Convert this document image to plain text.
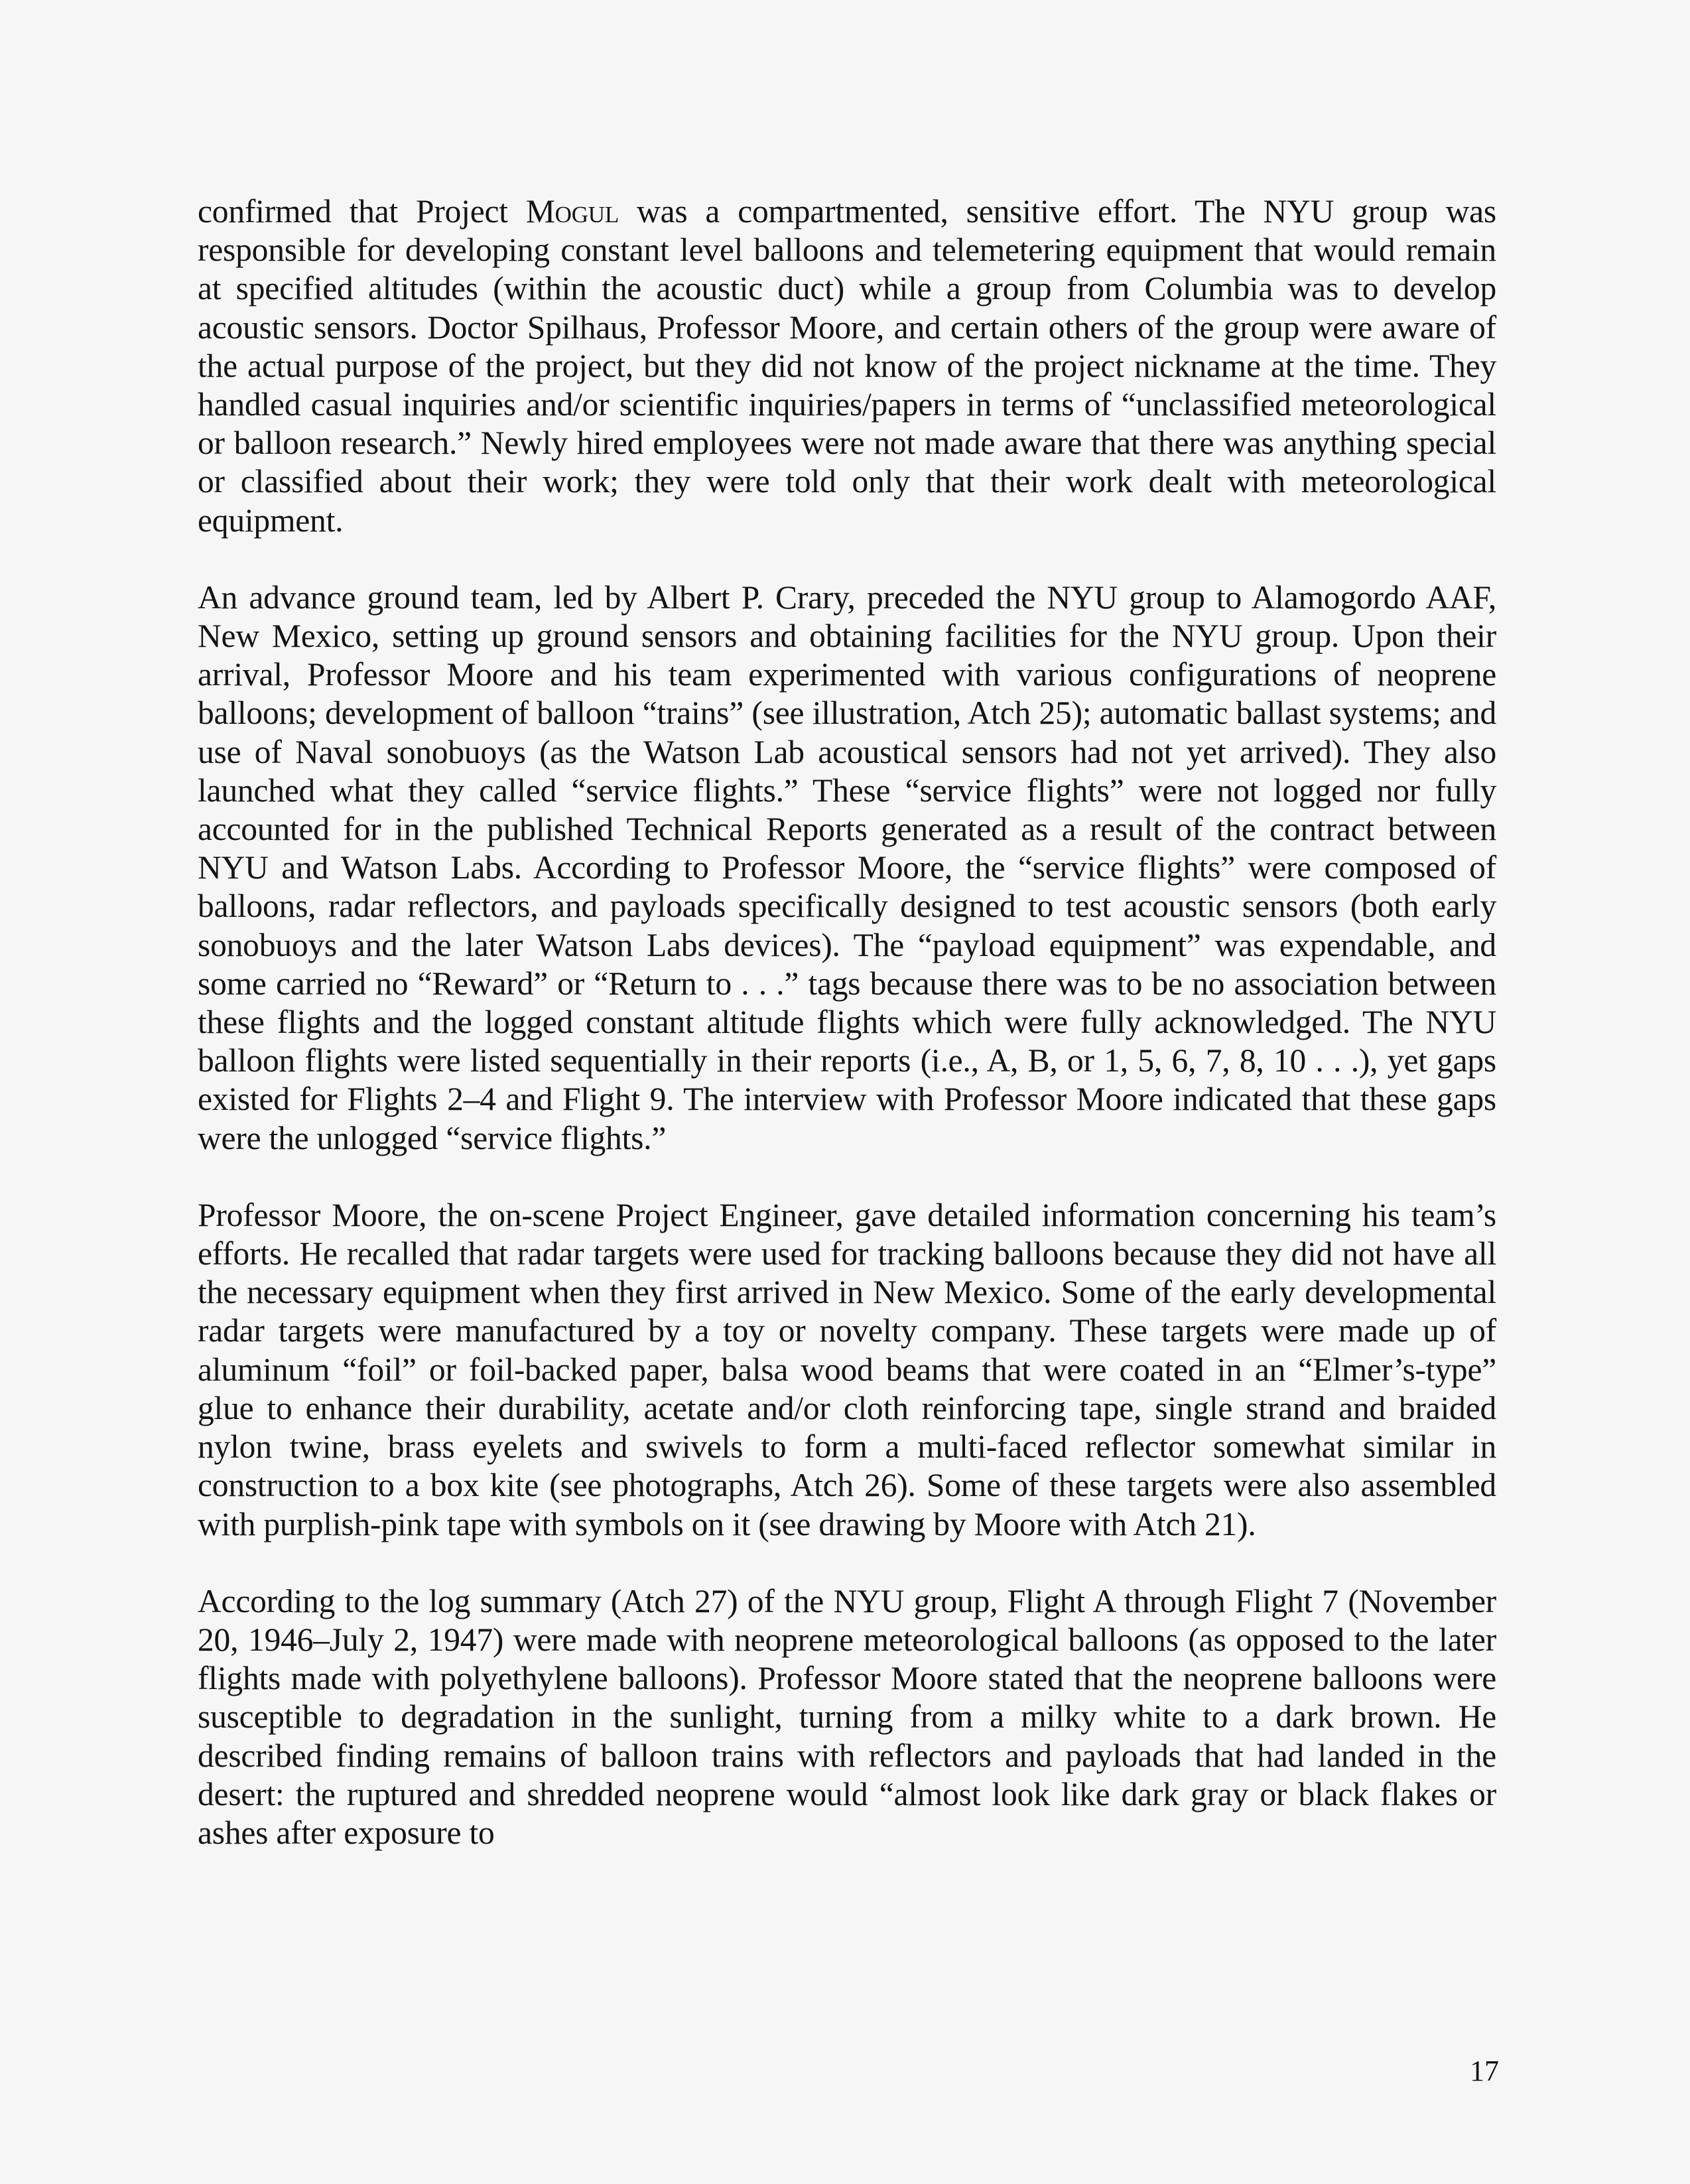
confirmed that Project Mogul was a compartmented, sensitive effort. The NYU group was responsible for developing constant level balloons and telemetering equipment that would remain at specified altitudes (within the acoustic duct) while a group from Columbia was to develop acoustic sensors. Doctor Spilhaus, Professor Moore, and certain others of the group were aware of the actual purpose of the project, but they did not know of the project nickname at the time. They handled casual inquiries and/or scientific inquiries/papers in terms of “unclassified meteorological or balloon research.” Newly hired employees were not made aware that there was anything special or classified about their work; they were told only that their work dealt with meteorological equipment.

An advance ground team, led by Albert P. Crary, preceded the NYU group to Alamogordo AAF, New Mexico, setting up ground sensors and obtaining facilities for the NYU group. Upon their arrival, Professor Moore and his team experimented with various configurations of neoprene balloons; development of balloon “trains” (see illustration, Atch 25); automatic ballast systems; and use of Naval sonobuoys (as the Watson Lab acoustical sensors had not yet arrived). They also launched what they called “service flights.” These “service flights” were not logged nor fully accounted for in the published Technical Reports generated as a result of the contract between NYU and Watson Labs. According to Professor Moore, the “service flights” were composed of balloons, radar reflectors, and payloads specifically designed to test acoustic sensors (both early sonobuoys and the later Watson Labs devices). The “payload equipment” was expendable, and some carried no “Reward” or “Return to . . .” tags because there was to be no association between these flights and the logged constant altitude flights which were fully acknowledged. The NYU balloon flights were listed sequentially in their reports (i.e., A, B, or 1, 5, 6, 7, 8, 10 . . .), yet gaps existed for Flights 2–4 and Flight 9. The interview with Professor Moore indicated that these gaps were the unlogged “service flights.”

Professor Moore, the on-scene Project Engineer, gave detailed information concerning his team’s efforts. He recalled that radar targets were used for tracking balloons because they did not have all the necessary equipment when they first arrived in New Mexico. Some of the early developmental radar targets were manufactured by a toy or novelty company. These targets were made up of aluminum “foil” or foil-backed paper, balsa wood beams that were coated in an “Elmer’s-type” glue to enhance their durability, acetate and/or cloth reinforcing tape, single strand and braided nylon twine, brass eyelets and swivels to form a multi-faced reflector somewhat similar in construction to a box kite (see photographs, Atch 26). Some of these targets were also assembled with purplish-pink tape with symbols on it (see drawing by Moore with Atch 21).

According to the log summary (Atch 27) of the NYU group, Flight A through Flight 7 (November 20, 1946–July 2, 1947) were made with neoprene meteorological balloons (as opposed to the later flights made with polyethylene balloons). Professor Moore stated that the neoprene balloons were susceptible to degradation in the sunlight, turning from a milky white to a dark brown. He described finding remains of balloon trains with reflectors and payloads that had landed in the desert: the ruptured and shredded neoprene would “almost look like dark gray or black flakes or ashes after exposure to

17
